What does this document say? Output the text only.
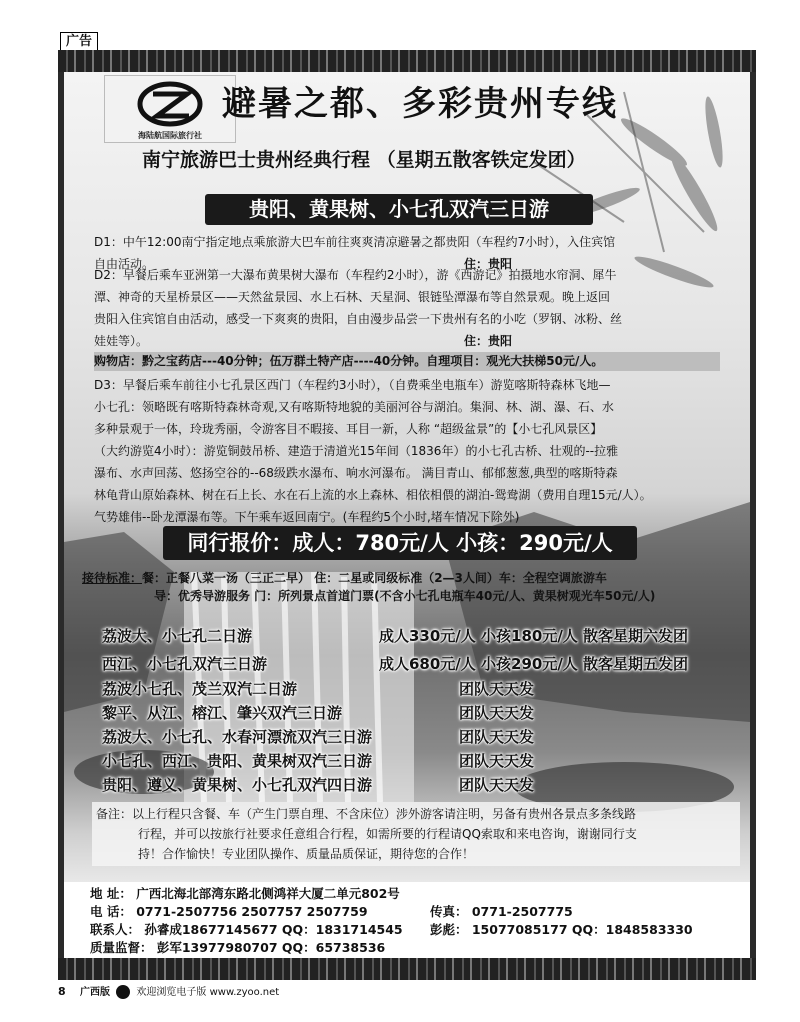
广告
海陆航国际旅行社
避暑之都、多彩贵州专线
南宁旅游巴士贵州经典行程 （星期五散客铁定发团）
贵阳、黄果树、小七孔双汽三日游
D1：中午12:00南宁指定地点乘旅游大巴车前往爽爽清凉避暑之都贵阳（车程约7小时），入住宾馆
自由活动。	住：贵阳
D2：早餐后乘车亚洲第一大瀑布黄果树大瀑布（车程约2小时），游《西游记》拍摄地水帘洞、犀牛
潭、神奇的天星桥景区——天然盆景园、水上石林、天星洞、银链坠潭瀑布等自然景观。晚上返回
贵阳入住宾馆自由活动，感受一下爽爽的贵阳，自由漫步品尝一下贵州有名的小吃（罗钢、冰粉、丝
娃娃等）。	住：贵阳
购物店：黔之宝药店---40分钟；伍万群土特产店----40分钟。自理项目：观光大扶梯50元/人。
D3：早餐后乘车前往小七孔景区西门（车程约3小时），（自费乘坐电瓶车）游览喀斯特森林飞地—
小七孔：领略既有喀斯特森林奇观,又有喀斯特地貌的美丽河谷与湖泊。集洞、林、湖、瀑、石、水
多种景观于一体，玲珑秀丽，令游客目不暇接、耳目一新，人称 “超级盆景”的【小七孔风景区】
（大约游览4小时）：游览铜鼓吊桥、建造于清道光15年间（1836年）的小七孔古桥、壮观的--拉雅
瀑布、水声回荡、悠扬空谷的--68级跌水瀑布、响水河瀑布。 满目青山、郁郁葱葱,典型的喀斯特森
林龟背山原始森林、树在石上长、水在石上流的水上森林、相依相偎的湖泊-鸳鸯湖（费用自理15元/人）。
气势雄伟--卧龙潭瀑布等。下午乘车返回南宁。(车程约5个小时,堵车情况下除外)
同行报价：成人：780元/人 小孩：290元/人
接待标准：餐：正餐八菜一汤（三正二早） 住：二星或同级标准（2—3人间）车：全程空调旅游车
导：优秀导游服务 门：所列景点首道门票(不含小七孔电瓶车40元/人、黄果树观光车50元/人)
荔波大、小七孔二日游	成人330元/人 小孩180元/人 散客星期六发团
西江、小七孔双汽三日游	成人680元/人 小孩290元/人 散客星期五发团
荔波小七孔、茂兰双汽二日游	团队天天发
黎平、从江、榕江、肇兴双汽三日游	团队天天发
荔波大、小七孔、水春河漂流双汽三日游	团队天天发
小七孔、西江、贵阳、黄果树双汽三日游	团队天天发
贵阳、遵义、黄果树、小七孔双汽四日游	团队天天发
备注：以上行程只含餐、车（产生门票自理、不含床位）涉外游客请注明，另备有贵州各景点多条线路
行程，并可以按旅行社要求任意组合行程，如需所要的行程请QQ索取和来电咨询，谢谢同行支
持！合作愉快！专业团队操作、质量品质保证，期待您的合作！
地 址： 广西北海北部湾东路北侧鸿祥大厦二单元802号
电 话： 0771-2507756 2507757 2507759	传真： 0771-2507775
联系人： 孙睿成18677145677 QQ：1831714545 彭彪： 15077085177 QQ：1848583330
质量监督： 彭军13977980707 QQ：65738536
8 广西版	欢迎浏览电子版 www.zyoo.net
